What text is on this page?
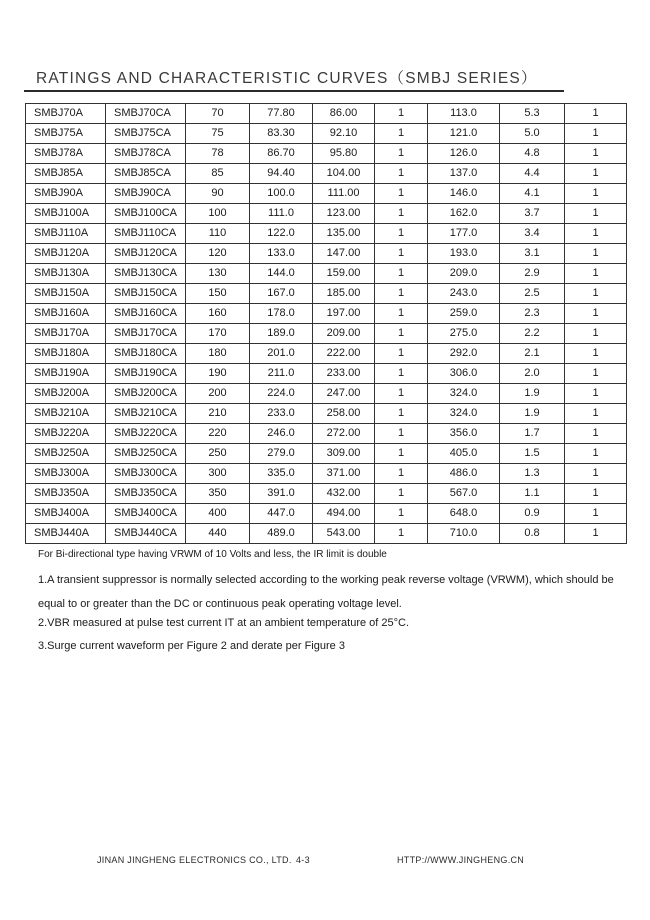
RATINGS AND CHARACTERISTIC CURVES（SMBJ SERIES）
SMBJ70A	SMBJ70CA	70	77.80	86.00	1	113.0	5.3	1
SMBJ75A	SMBJ75CA	75	83.30	92.10	1	121.0	5.0	1
SMBJ78A	SMBJ78CA	78	86.70	95.80	1	126.0	4.8	1
SMBJ85A	SMBJ85CA	85	94.40	104.00	1	137.0	4.4	1
SMBJ90A	SMBJ90CA	90	100.0	111.00	1	146.0	4.1	1
SMBJ100A	SMBJ100CA	100	111.0	123.00	1	162.0	3.7	1
SMBJ110A	SMBJ110CA	110	122.0	135.00	1	177.0	3.4	1
SMBJ120A	SMBJ120CA	120	133.0	147.00	1	193.0	3.1	1
SMBJ130A	SMBJ130CA	130	144.0	159.00	1	209.0	2.9	1
SMBJ150A	SMBJ150CA	150	167.0	185.00	1	243.0	2.5	1
SMBJ160A	SMBJ160CA	160	178.0	197.00	1	259.0	2.3	1
SMBJ170A	SMBJ170CA	170	189.0	209.00	1	275.0	2.2	1
SMBJ180A	SMBJ180CA	180	201.0	222.00	1	292.0	2.1	1
SMBJ190A	SMBJ190CA	190	211.0	233.00	1	306.0	2.0	1
SMBJ200A	SMBJ200CA	200	224.0	247.00	1	324.0	1.9	1
SMBJ210A	SMBJ210CA	210	233.0	258.00	1	324.0	1.9	1
SMBJ220A	SMBJ220CA	220	246.0	272.00	1	356.0	1.7	1
SMBJ250A	SMBJ250CA	250	279.0	309.00	1	405.0	1.5	1
SMBJ300A	SMBJ300CA	300	335.0	371.00	1	486.0	1.3	1
SMBJ350A	SMBJ350CA	350	391.0	432.00	1	567.0	1.1	1
SMBJ400A	SMBJ400CA	400	447.0	494.00	1	648.0	0.9	1
SMBJ440A	SMBJ440CA	440	489.0	543.00	1	710.0	0.8	1
For Bi-directional type having VRWM of 10 Volts and less, the IR limit is double
1.A transient suppressor is normally selected according to the working peak reverse voltage (VRWM), which should be
equal to or greater than the DC or continuous peak operating voltage level.
2.VBR measured at pulse test current IT at an ambient temperature of 25°C.
3.Surge current waveform per Figure 2 and derate per Figure 3
JINAN JINGHENG ELECTRONICS CO., LTD. 4-3	HTTP://WWW.JINGHENG.CN
